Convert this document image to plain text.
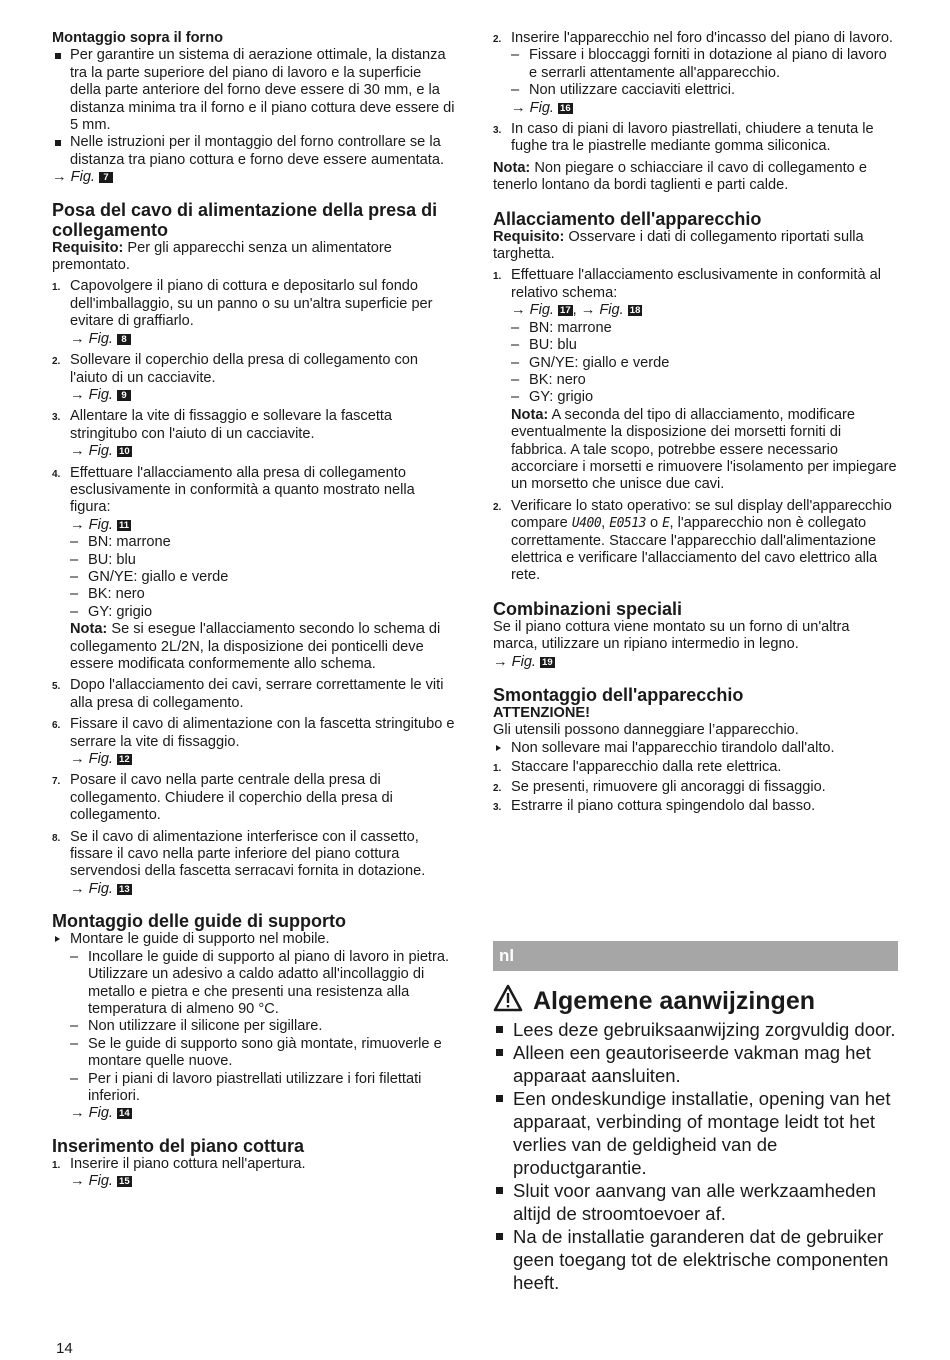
Montaggio sopra il forno
Per garantire un sistema di aerazione ottimale, la distanza tra la parte superiore del piano di lavoro e la superficie della parte anteriore del forno deve essere di 30 mm, e la distanza minima tra il forno e il piano cottura deve essere di 5 mm.
Nelle istruzioni per il montaggio del forno controllare se la distanza tra piano cottura e forno deve essere aumentata.
→ Fig. 7
Posa del cavo di alimentazione della presa di collegamento
Requisito: Per gli apparecchi senza un alimentatore premontato.
1. Capovolgere il piano di cottura e depositarlo sul fondo dell'imballaggio, su un panno o su un'altra superficie per evitare di graffiarlo.
→ Fig. 8
2. Sollevare il coperchio della presa di collegamento con l'aiuto di un cacciavite.
→ Fig. 9
3. Allentare la vite di fissaggio e sollevare la fascetta stringitubo con l'aiuto di un cacciavite.
→ Fig. 10
4. Effettuare l'allacciamento alla presa di collegamento esclusivamente in conformità a quanto mostrato nella figura:
→ Fig. 11
– BN: marrone
– BU: blu
– GN/YE: giallo e verde
– BK: nero
– GY: grigio
Nota: Se si esegue l'allacciamento secondo lo schema di collegamento 2L/2N, la disposizione dei ponticelli deve essere modificata conformemente allo schema.
5. Dopo l'allacciamento dei cavi, serrare correttamente le viti alla presa di collegamento.
6. Fissare il cavo di alimentazione con la fascetta stringitubo e serrare la vite di fissaggio.
→ Fig. 12
7. Posare il cavo nella parte centrale della presa di collegamento. Chiudere il coperchio della presa di collegamento.
8. Se il cavo di alimentazione interferisce con il cassetto, fissare il cavo nella parte inferiore del piano cottura servendosi della fascetta serracavi fornita in dotazione.
→ Fig. 13
Montaggio delle guide di supporto
Montare le guide di supporto nel mobile.
– Incollare le guide di supporto al piano di lavoro in pietra. Utilizzare un adesivo a caldo adatto all'incollaggio di metallo e pietra e che presenti una resistenza alla temperatura di almeno 90 °C.
– Non utilizzare il silicone per sigillare.
– Se le guide di supporto sono già montate, rimuoverle e montare quelle nuove.
– Per i piani di lavoro piastrellati utilizzare i fori filettati inferiori.
→ Fig. 14
Inserimento del piano cottura
1. Inserire il piano cottura nell'apertura.
→ Fig. 15
2. Inserire l'apparecchio nel foro d'incasso del piano di lavoro.
– Fissare i bloccaggi forniti in dotazione al piano di lavoro e serrarli attentamente all'apparecchio.
– Non utilizzare cacciaviti elettrici.
→ Fig. 16
3. In caso di piani di lavoro piastrellati, chiudere a tenuta le fughe tra le piastrelle mediante gomma siliconica.
Nota: Non piegare o schiacciare il cavo di collegamento e tenerlo lontano da bordi taglienti e parti calde.
Allacciamento dell'apparecchio
Requisito: Osservare i dati di collegamento riportati sulla targhetta.
1. Effettuare l'allacciamento esclusivamente in conformità al relativo schema:
→ Fig. 17 , → Fig. 18
– BN: marrone
– BU: blu
– GN/YE: giallo e verde
– BK: nero
– GY: grigio
Nota: A seconda del tipo di allacciamento, modificare eventualmente la disposizione dei morsetti forniti di fabbrica. A tale scopo, potrebbe essere necessario accorciare i morsetti e rimuovere l'isolamento per impiegare un morsetto che unisce due cavi.
2. Verificare lo stato operativo: se sul display dell'apparecchio compare U400, E0513 o E, l'apparecchio non è collegato correttamente. Staccare l'apparecchio dall'alimentazione elettrica e verificare l'allacciamento del cavo elettrico alla rete.
Combinazioni speciali
Se il piano cottura viene montato su un forno di un'altra marca, utilizzare un ripiano intermedio in legno.
→ Fig. 19
Smontaggio dell'apparecchio
ATTENZIONE!
Gli utensili possono danneggiare l’apparecchio.
Non sollevare mai l'apparecchio tirandolo dall'alto.
1. Staccare l'apparecchio dalla rete elettrica.
2. Se presenti, rimuovere gli ancoraggi di fissaggio.
3. Estrarre il piano cottura spingendolo dal basso.
nl
Algemene aanwijzingen
Lees deze gebruiksaanwijzing zorgvuldig door.
Alleen een geautoriseerde vakman mag het apparaat aansluiten.
Een ondeskundige installatie, opening van het apparaat, verbinding of montage leidt tot het verlies van de geldigheid van de productgarantie.
Sluit voor aanvang van alle werkzaamheden altijd de stroomtoevoer af.
Na de installatie garanderen dat de gebruiker geen toegang tot de elektrische componenten heeft.
14
